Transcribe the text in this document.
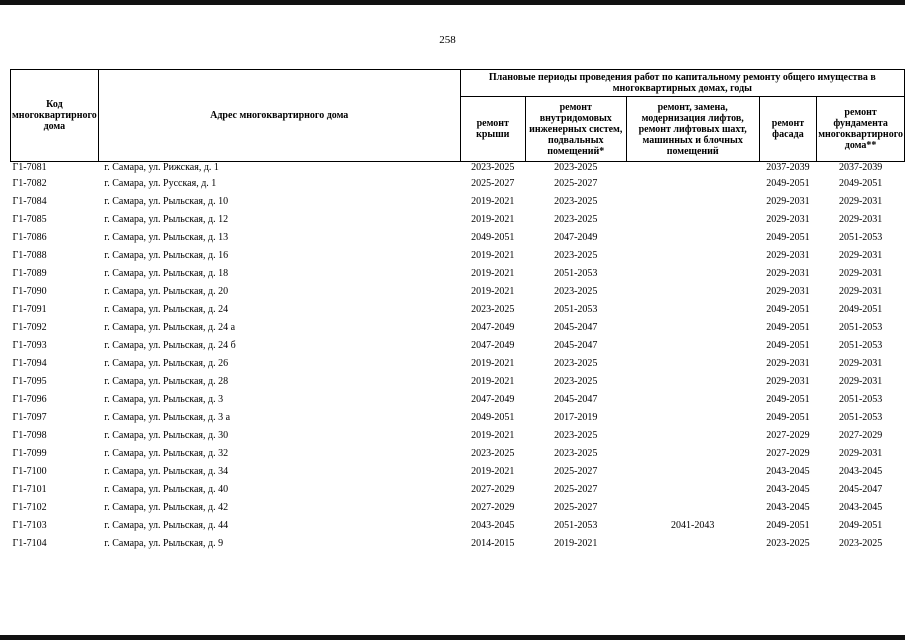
258
Код многоквартирного дома	Адрес многоквартирного дома	Плановые периоды проведения работ по капитальному ремонту общего имущества в многоквартирных домах, годы				
		ремонт крыши	ремонт внутридомовых инженерных систем, подвальных помещений*	ремонт, замена, модернизация лифтов, ремонт лифтовых шахт, машинных и блочных помещений	ремонт фасада	ремонт фундамента многоквартирного дома**
Г1-7081	г. Самара, ул. Рижская, д. 1	2023-2025	2023-2025		2037-2039	2037-2039
Г1-7082	г. Самара, ул. Русская, д. 1	2025-2027	2025-2027		2049-2051	2049-2051
Г1-7084	г. Самара, ул. Рыльская, д. 10	2019-2021	2023-2025		2029-2031	2029-2031
Г1-7085	г. Самара, ул. Рыльская, д. 12	2019-2021	2023-2025		2029-2031	2029-2031
Г1-7086	г. Самара, ул. Рыльская, д. 13	2049-2051	2047-2049		2049-2051	2051-2053
Г1-7088	г. Самара, ул. Рыльская, д. 16	2019-2021	2023-2025		2029-2031	2029-2031
Г1-7089	г. Самара, ул. Рыльская, д. 18	2019-2021	2051-2053		2029-2031	2029-2031
Г1-7090	г. Самара, ул. Рыльская, д. 20	2019-2021	2023-2025		2029-2031	2029-2031
Г1-7091	г. Самара, ул. Рыльская, д. 24	2023-2025	2051-2053		2049-2051	2049-2051
Г1-7092	г. Самара, ул. Рыльская, д. 24 а	2047-2049	2045-2047		2049-2051	2051-2053
Г1-7093	г. Самара, ул. Рыльская, д. 24 б	2047-2049	2045-2047		2049-2051	2051-2053
Г1-7094	г. Самара, ул. Рыльская, д. 26	2019-2021	2023-2025		2029-2031	2029-2031
Г1-7095	г. Самара, ул. Рыльская, д. 28	2019-2021	2023-2025		2029-2031	2029-2031
Г1-7096	г. Самара, ул. Рыльская, д. 3	2047-2049	2045-2047		2049-2051	2051-2053
Г1-7097	г. Самара, ул. Рыльская, д. 3 а	2049-2051	2017-2019		2049-2051	2051-2053
Г1-7098	г. Самара, ул. Рыльская, д. 30	2019-2021	2023-2025		2027-2029	2027-2029
Г1-7099	г. Самара, ул. Рыльская, д. 32	2023-2025	2023-2025		2027-2029	2029-2031
Г1-7100	г. Самара, ул. Рыльская, д. 34	2019-2021	2025-2027		2043-2045	2043-2045
Г1-7101	г. Самара, ул. Рыльская, д. 40	2027-2029	2025-2027		2043-2045	2045-2047
Г1-7102	г. Самара, ул. Рыльская, д. 42	2027-2029	2025-2027		2043-2045	2043-2045
Г1-7103	г. Самара, ул. Рыльская, д. 44	2043-2045	2051-2053	2041-2043	2049-2051	2049-2051
Г1-7104	г. Самара, ул. Рыльская, д. 9	2014-2015	2019-2021		2023-2025	2023-2025
